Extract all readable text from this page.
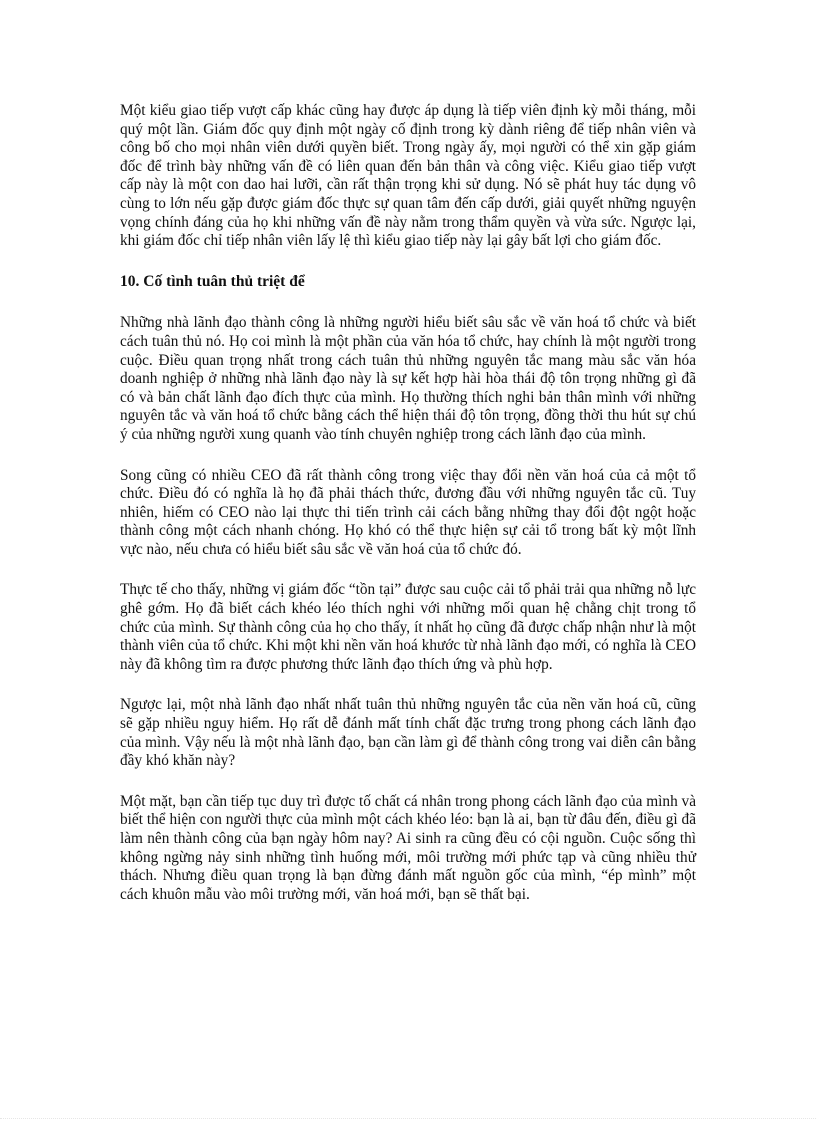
Một kiểu giao tiếp vượt cấp khác cũng hay được áp dụng là tiếp viên định kỳ mỗi tháng, mỗi quý một lần. Giám đốc quy định một ngày cố định trong kỳ dành riêng để tiếp nhân viên và công bố cho mọi nhân viên dưới quyền biết. Trong ngày ấy, mọi người có thể xin gặp giám đốc để trình bày những vấn đề có liên quan đến bản thân và công việc. Kiểu giao tiếp vượt cấp này là một con dao hai lưỡi, cần rất thận trọng khi sử dụng. Nó sẽ phát huy tác dụng vô cùng to lớn nếu gặp được giám đốc thực sự quan tâm đến cấp dưới, giải quyết những nguyện vọng chính đáng của họ khi những vấn đề này nằm trong thẩm quyền và vừa sức. Ngược lại, khi giám đốc chỉ tiếp nhân viên lấy lệ thì kiểu giao tiếp này lại gây bất lợi cho giám đốc.

10. Cố tình tuân thủ triệt để

Những nhà lãnh đạo thành công là những người hiểu biết sâu sắc về văn hoá tổ chức và biết cách tuân thủ nó. Họ coi mình là một phần của văn hóa tổ chức, hay chính là một người trong cuộc. Điều quan trọng nhất trong cách tuân thủ những nguyên tắc mang màu sắc văn hóa doanh nghiệp ở những nhà lãnh đạo này là sự kết hợp hài hòa thái độ tôn trọng những gì đã có và bản chất lãnh đạo đích thực của mình. Họ thường thích nghi bản thân mình với những nguyên tắc và văn hoá tổ chức bằng cách thể hiện thái độ tôn trọng, đồng thời thu hút sự chú ý của những người xung quanh vào tính chuyên nghiệp trong cách lãnh đạo của mình.

Song cũng có nhiều CEO đã rất thành công trong việc thay đổi nền văn hoá của cả một tổ chức. Điều đó có nghĩa là họ đã phải thách thức, đương đầu với những nguyên tắc cũ. Tuy nhiên, hiếm có CEO nào lại thực thi tiến trình cải cách bằng những thay đổi đột ngột hoặc thành công một cách nhanh chóng. Họ khó có thể thực hiện sự cải tổ trong bất kỳ một lĩnh vực nào, nếu chưa có hiểu biết sâu sắc về văn hoá của tổ chức đó.

Thực tế cho thấy, những vị giám đốc “tồn tại” được sau cuộc cải tổ phải trải qua những nỗ lực ghê gớm. Họ đã biết cách khéo léo thích nghi với những mối quan hệ chằng chịt trong tổ chức của mình. Sự thành công của họ cho thấy, ít nhất họ cũng đã được chấp nhận như là một thành viên của tổ chức. Khi một khi nền văn hoá khước từ nhà lãnh đạo mới, có nghĩa là CEO này đã không tìm ra được phương thức lãnh đạo thích ứng và phù hợp.

Ngược lại, một nhà lãnh đạo nhất nhất tuân thủ những nguyên tắc của nền văn hoá cũ, cũng sẽ gặp nhiều nguy hiểm. Họ rất dễ đánh mất tính chất đặc trưng trong phong cách lãnh đạo của mình. Vậy nếu là một nhà lãnh đạo, bạn cần làm gì để thành công trong vai diễn cân bằng đầy khó khăn này?

Một mặt, bạn cần tiếp tục duy trì được tố chất cá nhân trong phong cách lãnh đạo của mình và biết thể hiện con người thực của mình một cách khéo léo: bạn là ai, bạn từ đâu đến, điều gì đã làm nên thành công của bạn ngày hôm nay? Ai sinh ra cũng đều có cội nguồn. Cuộc sống thì không ngừng nảy sinh những tình huống mới, môi trường mới phức tạp và cũng nhiều thử thách. Nhưng điều quan trọng là bạn đừng đánh mất nguồn gốc của mình, “ép mình” một cách khuôn mẫu vào môi trường mới, văn hoá mới, bạn sẽ thất bại.
